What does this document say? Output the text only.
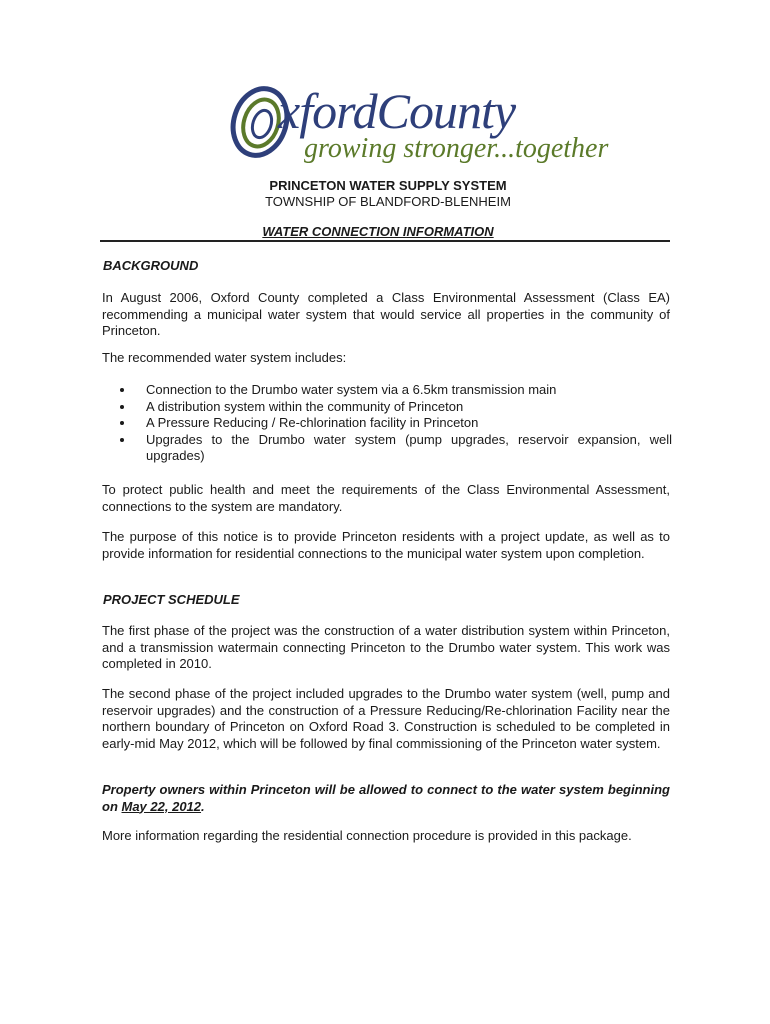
xfordCounty
growing stronger...together
PRINCETON WATER SUPPLY SYSTEM
TOWNSHIP OF BLANDFORD-BLENHEIM
WATER CONNECTION INFORMATION
BACKGROUND
In August 2006, Oxford County completed a Class Environmental Assessment (Class EA) recommending a municipal water system that would service all properties in the community of Princeton.
The recommended water system includes:
Connection to the Drumbo water system via a 6.5km transmission main
A distribution system within the community of Princeton
A Pressure Reducing / Re-chlorination facility in Princeton
Upgrades to the Drumbo water system (pump upgrades, reservoir expansion, well upgrades)
To protect public health and meet the requirements of the Class Environmental Assessment, connections to the system are mandatory.
The purpose of this notice is to provide Princeton residents with a project update, as well as to provide information for residential connections to the municipal water system upon completion.
PROJECT SCHEDULE
The first phase of the project was the construction of a water distribution system within Princeton, and a transmission watermain connecting Princeton to the Drumbo water system. This work was completed in 2010.
The second phase of the project included upgrades to the Drumbo water system (well, pump and reservoir upgrades) and the construction of a Pressure Reducing/Re-chlorination Facility near the northern boundary of Princeton on Oxford Road 3. Construction is scheduled to be completed in early-mid May 2012, which will be followed by final commissioning of the Princeton water system.
Property owners within Princeton will be allowed to connect to the water system beginning on May 22, 2012.
More information regarding the residential connection procedure is provided in this package.
